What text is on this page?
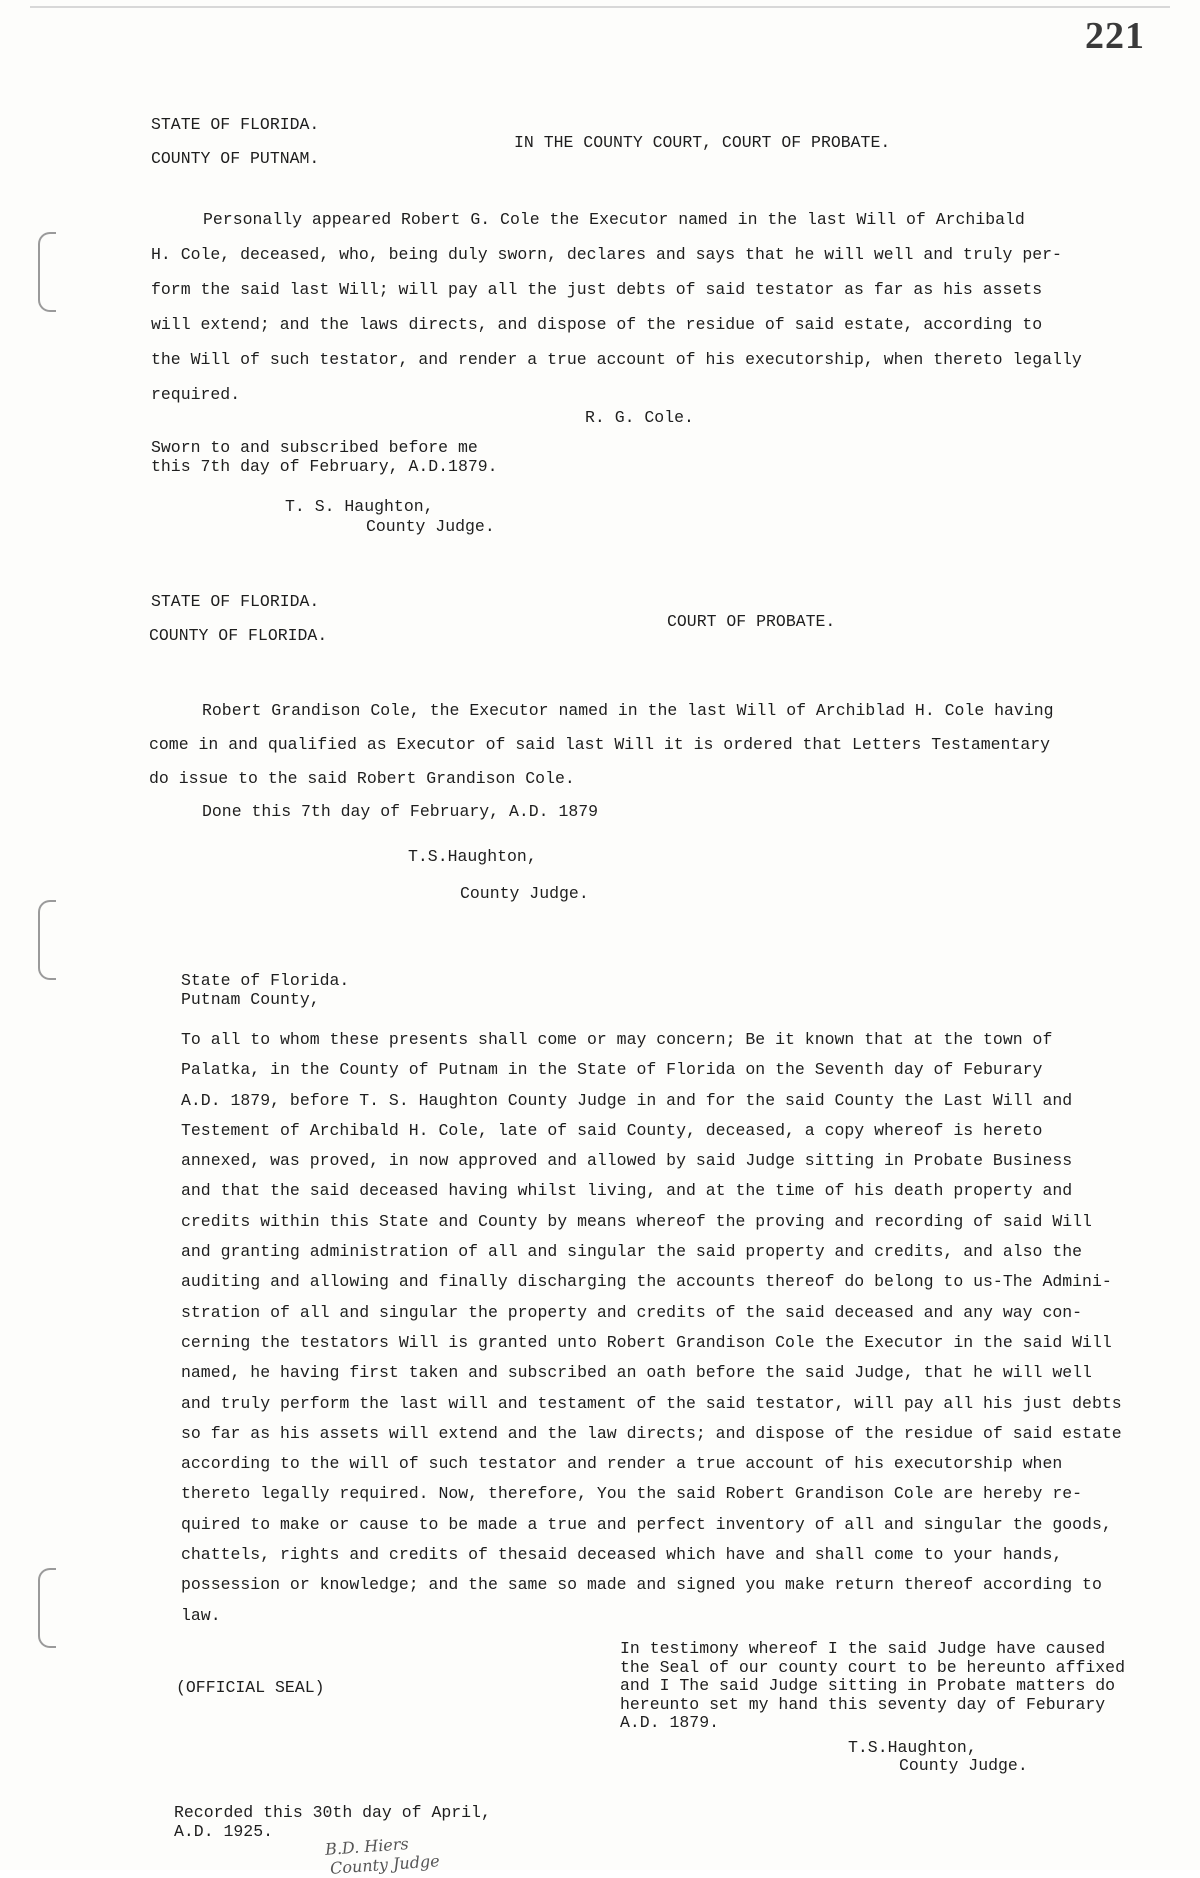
221
STATE OF FLORIDA.
COUNTY OF PUTNAM.
IN THE COUNTY COURT, COURT OF PROBATE.
Personally appeared Robert G. Cole the Executor named in the last Will of Archibald
H. Cole, deceased, who, being duly sworn, declares and says that he will well and truly per-
form the said last Will; will pay all the just debts of said testator as far as his assets
will extend; and the laws directs, and dispose of the residue of said estate, according to
the Will of such testator, and render a true account of his executorship, when thereto legally
required.
R. G. Cole.
Sworn to and subscribed before me
this 7th day of February, A.D.1879.
T. S. Haughton,
County Judge.
STATE OF FLORIDA.
COUNTY OF FLORIDA.
COURT OF PROBATE.
Robert Grandison Cole, the Executor named in the last Will of Archiblad H. Cole having
come in and qualified as Executor of said last Will it is ordered that Letters Testamentary
do issue to the said Robert Grandison Cole.
Done this 7th day of February, A.D. 1879
T.S.Haughton,
County Judge.
State of Florida.
Putnam County,
To all to whom these presents shall come or may concern; Be it known that at the town of
Palatka, in the County of Putnam in the State of Florida on the Seventh day of Feburary
A.D. 1879, before T. S. Haughton County Judge in and for the said County the Last Will and
Testement of Archibald H. Cole, late of said County, deceased, a copy whereof is hereto
annexed, was proved, in now approved and allowed by said Judge sitting in Probate Business
and that the said deceased having whilst living, and at the time of his death property and
credits within this State and County by means whereof the proving and recording of said Will
and granting administration of all and singular the said property and credits, and also the
auditing and allowing and finally discharging the accounts thereof do belong to us-The Admini-
stration of all and singular the property and credits of the said deceased and any way con-
cerning the testators Will is granted unto Robert Grandison Cole the Executor in the said Will
named, he having first taken and subscribed an oath before the said Judge, that he will well
and truly perform the last will and testament of the said testator, will pay all his just debts
so far as his assets will extend and the law directs; and dispose of the residue of said estate
according to the will of such testator and render a true account of his executorship when
thereto legally required. Now, therefore, You the said Robert Grandison Cole are hereby re-
quired to make or cause to be made a true and perfect inventory of all and singular the goods,
chattels, rights and credits of thesaid deceased which have and shall come to your hands,
possession or knowledge; and the same so made and signed you make return thereof according to
law.
In testimony whereof I the said Judge have caused
the Seal of our county court to be hereunto affixed
and I The said Judge sitting in Probate matters do
hereunto set my hand this seventy day of Feburary
A.D. 1879.
(OFFICIAL SEAL)
T.S.Haughton,
County Judge.
Recorded this 30th day of April,
A.D. 1925.
B.D. Hiers
County Judge
